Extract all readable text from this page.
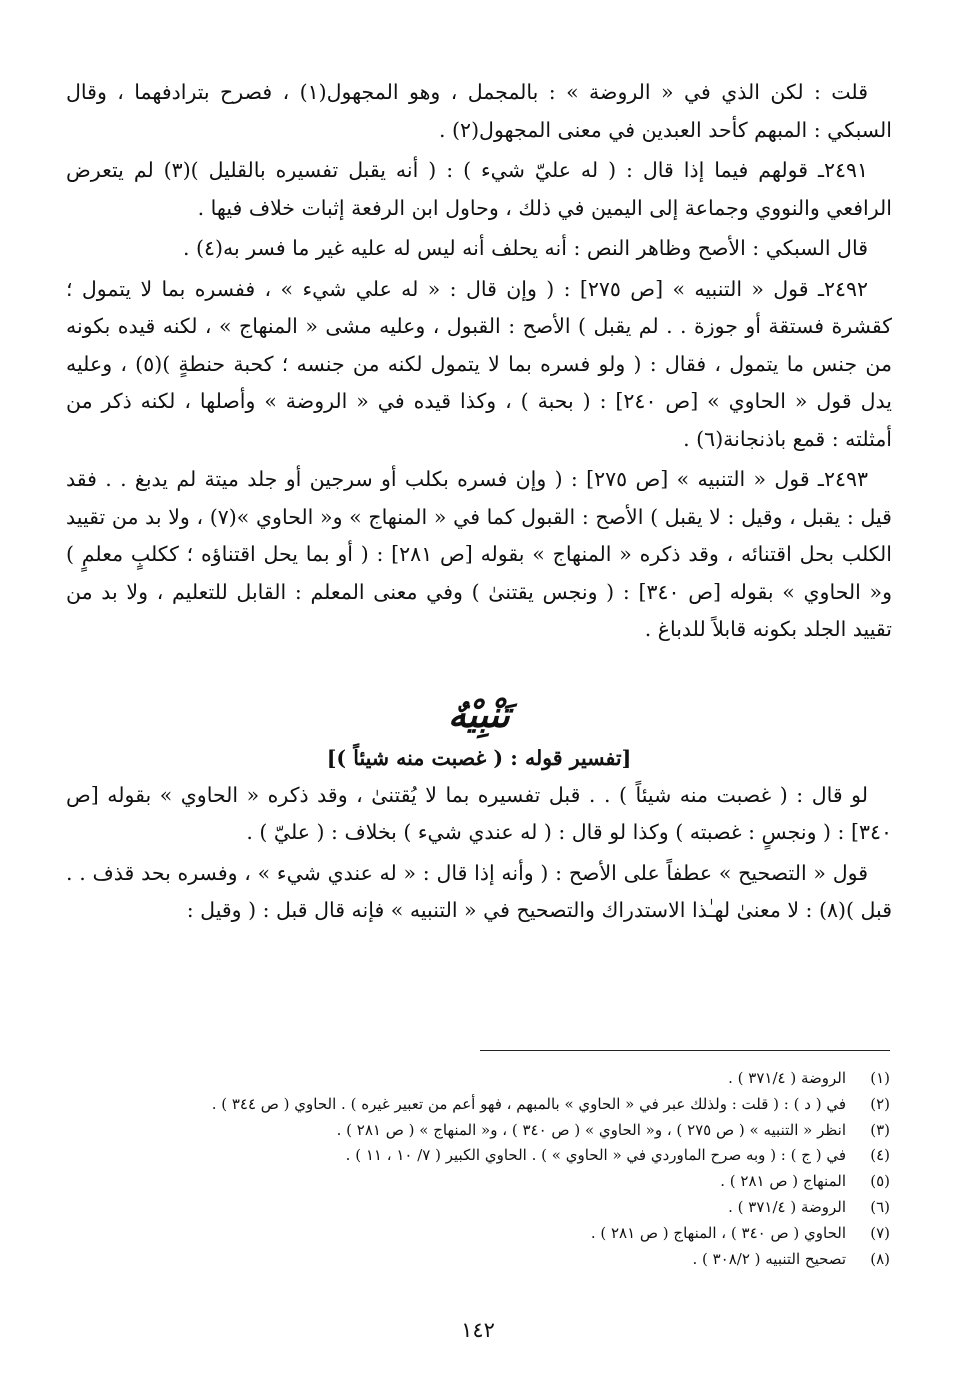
قلت : لكن الذي في « الروضة » : بالمجمل ، وهو المجهول(١) ، فصرح بترادفهما ، وقال السبكي : المبهم كأحد العبدين في معنى المجهول(٢) .

٢٤٩١ـ قولهم فيما إذا قال : ( له عليّ شيء ) : ( أنه يقبل تفسيره بالقليل )(٣) لم يتعرض الرافعي والنووي وجماعة إلى اليمين في ذلك ، وحاول ابن الرفعة إثبات خلاف فيها .

قال السبكي : الأصح وظاهر النص : أنه يحلف أنه ليس له عليه غير ما فسر به(٤) .

٢٤٩٢ـ قول « التنبيه » [ص ٢٧٥] : ( وإن قال : « له علي شيء » ، ففسره بما لا يتمول ؛ كقشرة فستقة أو جوزة . . لم يقبل ) الأصح : القبول ، وعليه مشى « المنهاج » ، لكنه قيده بكونه من جنس ما يتمول ، فقال : ( ولو فسره بما لا يتمول لكنه من جنسه ؛ كحبة حنطةٍ )(٥) ، وعليه يدل قول « الحاوي » [ص ٢٤٠] : ( بحبة ) ، وكذا قيده في « الروضة » وأصلها ، لكنه ذكر من أمثلته : قمع باذنجانة(٦) .

٢٤٩٣ـ قول « التنبيه » [ص ٢٧٥] : ( وإن فسره بكلب أو سرجين أو جلد ميتة لم يدبغ . . فقد قيل : يقبل ، وقيل : لا يقبل ) الأصح : القبول كما في « المنهاج » و« الحاوي »(٧) ، ولا بد من تقييد الكلب بحل اقتنائه ، وقد ذكره « المنهاج » بقوله [ص ٢٨١] : ( أو بما يحل اقتناؤه ؛ ككلبٍ معلمٍ ) و« الحاوي » بقوله [ص ٣٤٠] : ( ونجس يقتنىٰ ) وفي معنى المعلم : القابل للتعليم ، ولا بد من تقييد الجلد بكونه قابلاً للدباغ .

تَنْبِيْهٌ
[تفسير قوله : ( غصبت منه شيئاً )]

لو قال : ( غصبت منه شيئاً ) . . قبل تفسيره بما لا يُقتنىٰ ، وقد ذكره « الحاوي » بقوله [ص ٣٤٠] : ( ونجسٍ : غصبته ) وكذا لو قال : ( له عندي شيء ) بخلاف : ( عليّ ) .

قول « التصحيح » عطفاً على الأصح : ( وأنه إذا قال : « له عندي شيء » ، وفسره بحد قذف . . قبل )(٨) : لا معنىٰ لهـٰذا الاستدراك والتصحيح في « التنبيه » فإنه قال قبل : ( وقيل :

(١)الروضة ( ٣٧١/٤ ) .
(٢)في ( د ) : ( قلت : ولذلك عبر في « الحاوي » بالمبهم ، فهو أعم من تعبير غيره ) . الحاوي ( ص ٣٤٤ ) .
(٣)انظر « التنبيه » ( ص ٢٧٥ ) ، و« الحاوي » ( ص ٣٤٠ ) ، و« المنهاج » ( ص ٢٨١ ) .
(٤)في ( ج ) : ( وبه صرح الماوردي في « الحاوي » ) . الحاوي الكبير ( ٧/ ١٠ ، ١١ ) .
(٥)المنهاج ( ص ٢٨١ ) .
(٦)الروضة ( ٣٧١/٤ ) .
(٧)الحاوي ( ص ٣٤٠ ) ، المنهاج ( ص ٢٨١ ) .
(٨)تصحيح التنبيه ( ٣٠٨/٢ ) .
١٤٢
